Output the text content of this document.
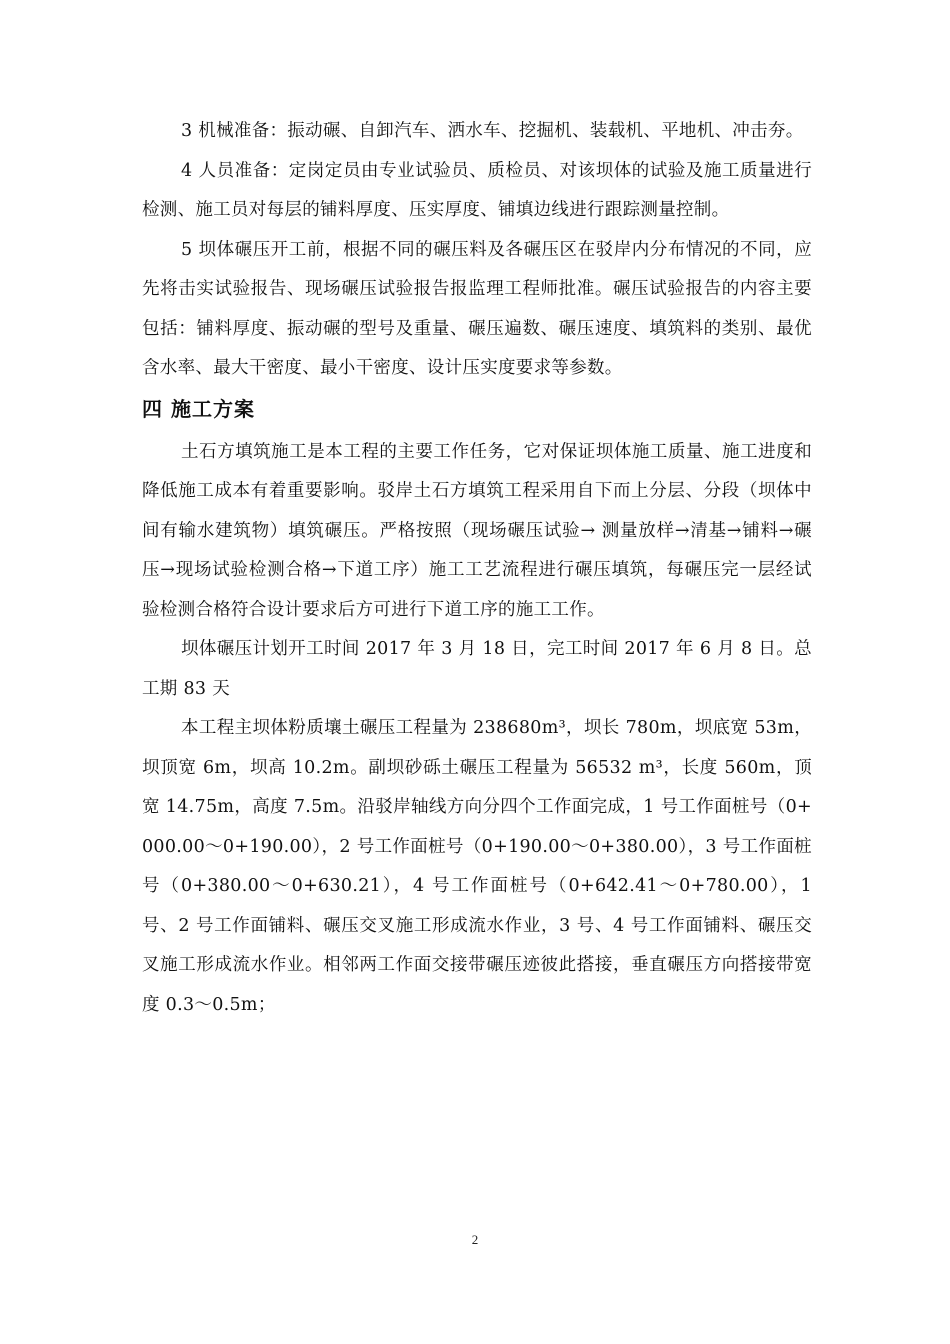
3 机械准备：振动碾、自卸汽车、洒水车、挖掘机、装载机、平地机、冲击夯。

4 人员准备：定岗定员由专业试验员、质检员、对该坝体的试验及施工质量进行检测、施工员对每层的铺料厚度、压实厚度、铺填边线进行跟踪测量控制。

5 坝体碾压开工前，根据不同的碾压料及各碾压区在驳岸内分布情况的不同，应先将击实试验报告、现场碾压试验报告报监理工程师批准。碾压试验报告的内容主要包括：铺料厚度、振动碾的型号及重量、碾压遍数、碾压速度、填筑料的类别、最优含水率、最大干密度、最小干密度、设计压实度要求等参数。

四 施工方案

土石方填筑施工是本工程的主要工作任务，它对保证坝体施工质量、施工进度和降低施工成本有着重要影响。驳岸土石方填筑工程采用自下而上分层、分段（坝体中间有输水建筑物）填筑碾压。严格按照（现场碾压试验→ 测量放样→清基→铺料→碾压→现场试验检测合格→下道工序）施工工艺流程进行碾压填筑，每碾压完一层经试验检测合格符合设计要求后方可进行下道工序的施工工作。

坝体碾压计划开工时间 2017 年 3 月 18 日，完工时间 2017 年 6 月 8 日。总工期 83 天

本工程主坝体粉质壤土碾压工程量为 238680m³，坝长 780m，坝底宽 53m，坝顶宽 6m，坝高 10.2m。副坝砂砾土碾压工程量为 56532 m³，长度 560m，顶宽 14.75m，高度 7.5m。沿驳岸轴线方向分四个工作面完成，1 号工作面桩号（0+000.00～0+190.00），2 号工作面桩号（0+190.00～0+380.00），3 号工作面桩号（0+380.00～0+630.21），4 号工作面桩号（0+642.41～0+780.00），1 号、2 号工作面铺料、碾压交叉施工形成流水作业，3 号、4 号工作面铺料、碾压交叉施工形成流水作业。相邻两工作面交接带碾压迹彼此搭接，垂直碾压方向搭接带宽度 0.3～0.5m；

2
